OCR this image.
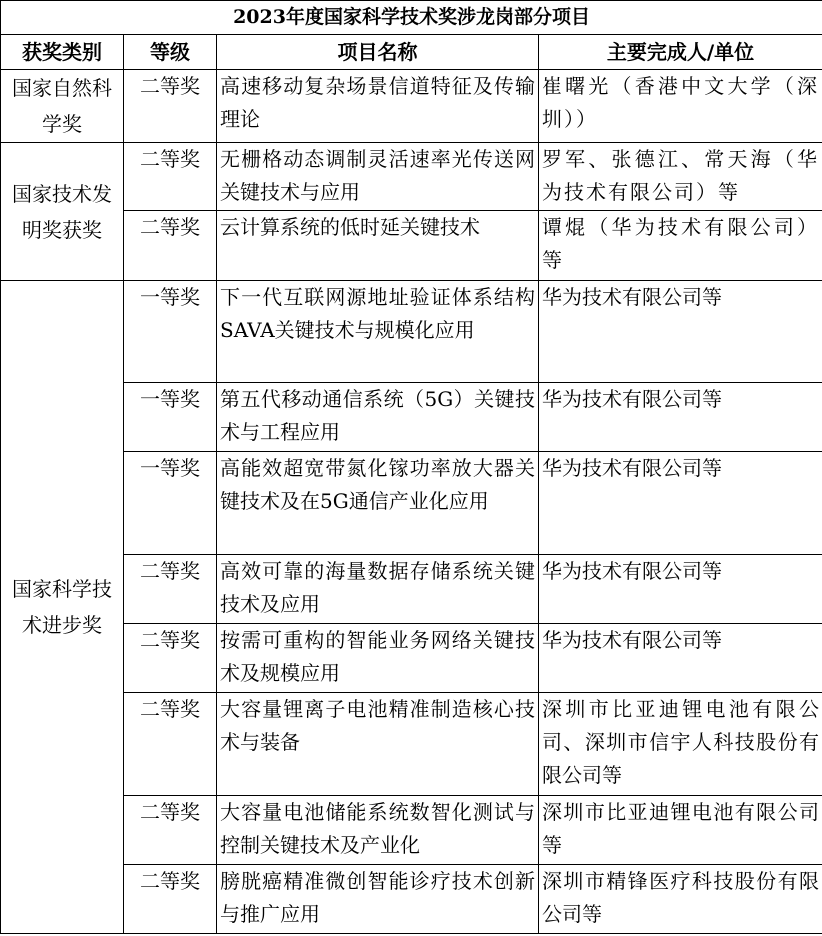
2023年度国家科学技术奖涉龙岗部分项目			
获奖类别	等级	项目名称	主要完成人/单位
国家自然科学奖	二等奖	高速移动复杂场景信道特征及传输理论	崔曙光（香港中文大学（深圳））
国家技术发明奖获奖	二等奖	无栅格动态调制灵活速率光传送网关键技术与应用	罗军、张德江、常天海（华为技术有限公司）等
	二等奖	云计算系统的低时延关键技术	谭焜（华为技术有限公司）等
国家科学技术进步奖	一等奖	下一代互联网源地址验证体系结构SAVA关键技术与规模化应用	华为技术有限公司等
	一等奖	第五代移动通信系统（5G）关键技术与工程应用	华为技术有限公司等
	一等奖	高能效超宽带氮化镓功率放大器关键技术及在5G通信产业化应用	华为技术有限公司等
	二等奖	高效可靠的海量数据存储系统关键技术及应用	华为技术有限公司等
	二等奖	按需可重构的智能业务网络关键技术及规模应用	华为技术有限公司等
	二等奖	大容量锂离子电池精准制造核心技术与装备	深圳市比亚迪锂电池有限公司、深圳市信宇人科技股份有限公司等
	二等奖	大容量电池储能系统数智化测试与控制关键技术及产业化	深圳市比亚迪锂电池有限公司等
	二等奖	膀胱癌精准微创智能诊疗技术创新与推广应用	深圳市精锋医疗科技股份有限公司等
